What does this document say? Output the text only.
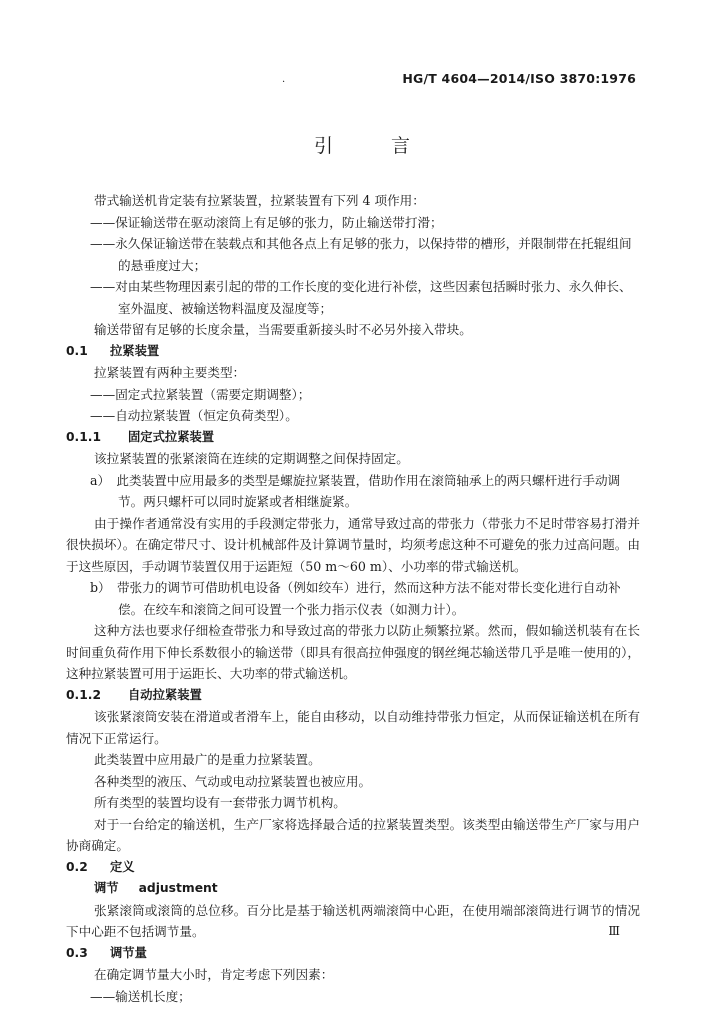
.	HG/T 4604—2014/ISO 3870:1976
引 言

带式输送机肯定装有拉紧装置，拉紧装置有下列 4 项作用：

——保证输送带在驱动滚筒上有足够的张力，防止输送带打滑；

——永久保证输送带在装载点和其他各点上有足够的张力，以保持带的槽形，并限制带在托辊组间

的悬垂度过大；

——对由某些物理因素引起的带的工作长度的变化进行补偿，这些因素包括瞬时张力、永久伸长、

室外温度、被输送物料温度及湿度等；

输送带留有足够的长度余量，当需要重新接头时不必另外接入带块。

0.1 拉紧装置

拉紧装置有两种主要类型：

——固定式拉紧装置（需要定期调整）；

——自动拉紧装置（恒定负荷类型）。

0.1.1 固定式拉紧装置

该拉紧装置的张紧滚筒在连续的定期调整之间保持固定。

a）　此类装置中应用最多的类型是螺旋拉紧装置，借助作用在滚筒轴承上的两只螺杆进行手动调

节。两只螺杆可以同时旋紧或者相继旋紧。

由于操作者通常没有实用的手段测定带张力，通常导致过高的带张力（带张力不足时带容易打滑并很快损坏）。在确定带尺寸、设计机械部件及计算调节量时，均须考虑这种不可避免的张力过高问题。由于这些原因，手动调节装置仅用于运距短（50 m～60 m）、小功率的带式输送机。

b）　带张力的调节可借助机电设备（例如绞车）进行，然而这种方法不能对带长变化进行自动补

偿。在绞车和滚筒之间可设置一个张力指示仪表（如测力计）。

这种方法也要求仔细检查带张力和导致过高的带张力以防止频繁拉紧。然而，假如输送机装有在长时间重负荷作用下伸长系数很小的输送带（即具有很高拉伸强度的钢丝绳芯输送带几乎是唯一使用的），这种拉紧装置可用于运距长、大功率的带式输送机。

0.1.2 自动拉紧装置

该张紧滚筒安装在滑道或者滑车上，能自由移动，以自动维持带张力恒定，从而保证输送机在所有情况下正常运行。

此类装置中应用最广的是重力拉紧装置。

各种类型的液压、气动或电动拉紧装置也被应用。

所有类型的装置均设有一套带张力调节机构。

对于一台给定的输送机，生产厂家将选择最合适的拉紧装置类型。该类型由输送带生产厂家与用户协商确定。

0.2 定义

调节 adjustment

张紧滚筒或滚筒的总位移。百分比是基于输送机两端滚筒中心距，在使用端部滚筒进行调节的情况下中心距不包括调节量。

0.3 调节量

在确定调节量大小时，肯定考虑下列因素：

——输送机长度；

Ⅲ
